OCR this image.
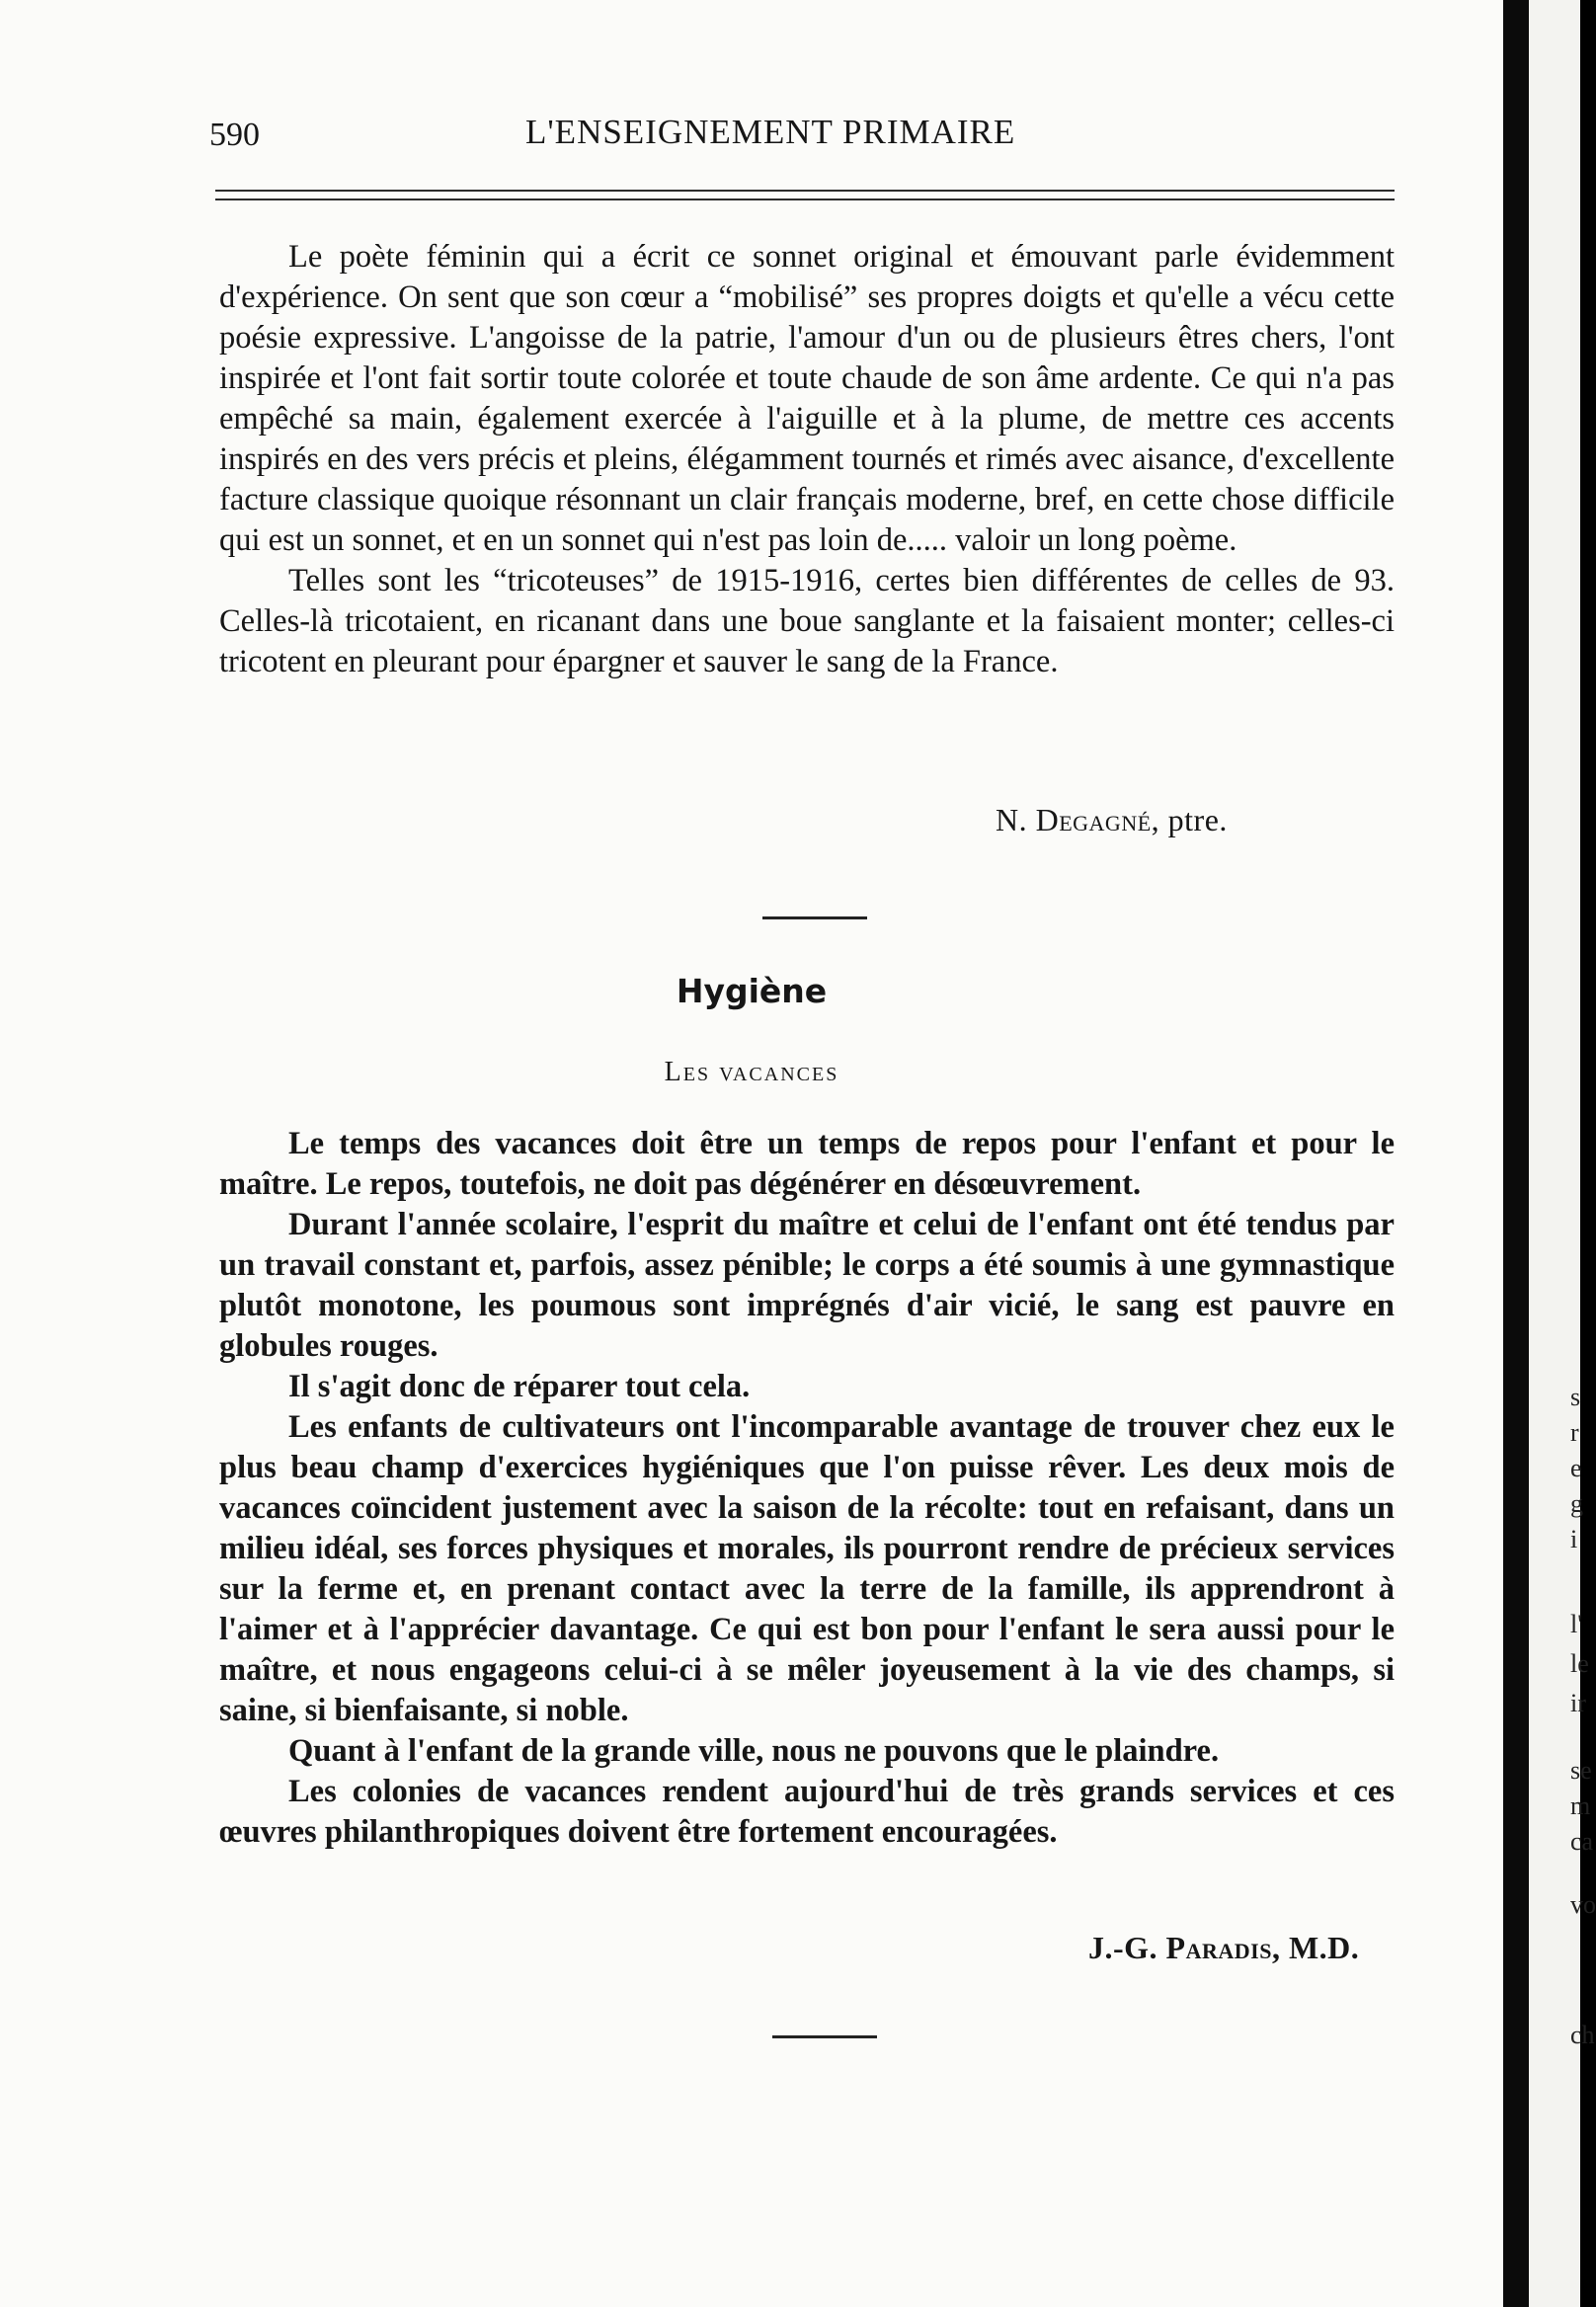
590	L'ENSEIGNEMENT PRIMAIRE

Le poète féminin qui a écrit ce sonnet original et émouvant parle évidemment d'expérience. On sent que son cœur a “mobilisé” ses propres doigts et qu'elle a vécu cette poésie expressive. L'angoisse de la patrie, l'amour d'un ou de plusieurs êtres chers, l'ont inspirée et l'ont fait sortir toute colorée et toute chaude de son âme ardente. Ce qui n'a pas empêché sa main, également exercée à l'aiguille et à la plume, de mettre ces accents inspirés en des vers précis et pleins, élégamment tournés et rimés avec aisance, d'excellente facture classique quoique résonnant un clair français moderne, bref, en cette chose difficile qui est un sonnet, et en un sonnet qui n'est pas loin de..... valoir un long poème.

Telles sont les “tricoteuses” de 1915-1916, certes bien différentes de celles de 93. Celles-là tricotaient, en ricanant dans une boue sanglante et la faisaient monter; celles-ci tricotent en pleurant pour épargner et sauver le sang de la France.

N. Degagné, ptre.
Hygiène
Les vacances

Le temps des vacances doit être un temps de repos pour l'enfant et pour le maître. Le repos, toutefois, ne doit pas dégénérer en désœuvrement.

Durant l'année scolaire, l'esprit du maître et celui de l'enfant ont été tendus par un travail constant et, parfois, assez pénible; le corps a été soumis à une gymnastique plutôt monotone, les poumous sont imprégnés d'air vicié, le sang est pauvre en globules rouges.

Il s'agit donc de réparer tout cela.

Les enfants de cultivateurs ont l'incomparable avantage de trouver chez eux le plus beau champ d'exercices hygiéniques que l'on puisse rêver. Les deux mois de vacances coïncident justement avec la saison de la récolte: tout en refaisant, dans un milieu idéal, ses forces physiques et morales, ils pourront rendre de précieux services sur la ferme et, en prenant contact avec la terre de la famille, ils apprendront à l'aimer et à l'apprécier davantage. Ce qui est bon pour l'enfant le sera aussi pour le maître, et nous engageons celui-ci à se mêler joyeusement à la vie des champs, si saine, si bienfaisante, si noble.

Quant à l'enfant de la grande ville, nous ne pouvons que le plaindre.

Les colonies de vacances rendent aujourd'hui de très grands services et ces œuvres philanthropiques doivent être fortement encouragées.

J.-G. Paradis, M.D.
s
r
e
g
i
l'
le
ir
se
m
ca
vo
ch
